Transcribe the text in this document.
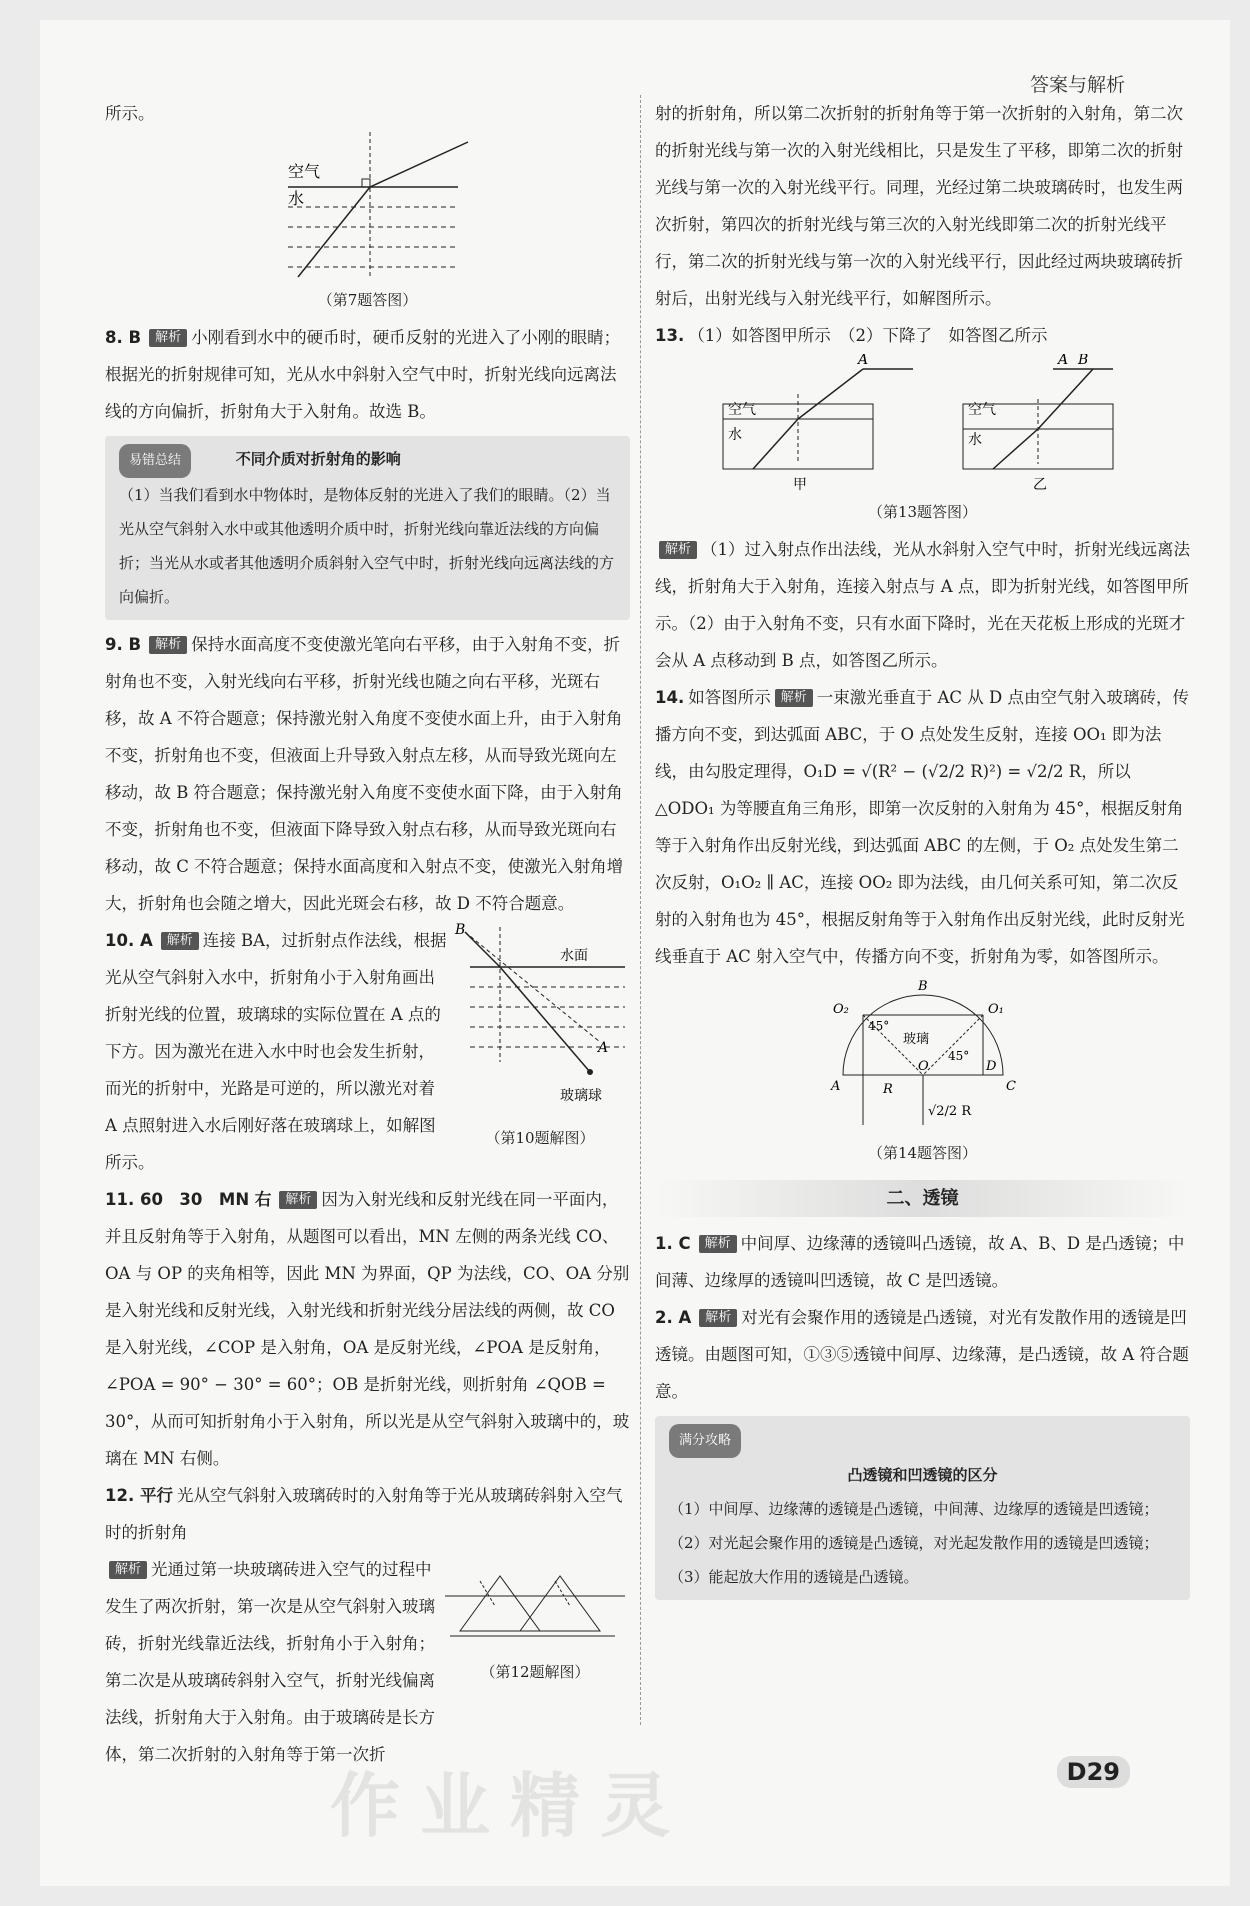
答案与解析

所示。

空气
水

（第7题答图）

8. B 解析 小刚看到水中的硬币时，硬币反射的光进入了小刚的眼睛；根据光的折射规律可知，光从水中斜射入空气中时，折射光线向远离法线的方向偏折，折射角大于入射角。故选 B。

易错总结	不同介质对折射角的影响
（1）当我们看到水中物体时，是物体反射的光进入了我们的眼睛。（2）当光从空气斜射入水中或其他透明介质中时，折射光线向靠近法线的方向偏折；当光从水或者其他透明介质斜射入空气中时，折射光线向远离法线的方向偏折。

9. B 解析 保持水面高度不变使激光笔向右平移，由于入射角不变，折射角也不变，入射光线向右平移，折射光线也随之向右平移，光斑右移，故 A 不符合题意；保持激光射入角度不变使水面上升，由于入射角不变，折射角也不变，但液面上升导致入射点左移，从而导致光斑向左移动，故 B 符合题意；保持激光射入角度不变使水面下降，由于入射角不变，折射角也不变，但液面下降导致入射点右移，从而导致光斑向右移动，故 C 不符合题意；保持水面高度和入射点不变，使激光入射角增大，折射角也会随之增大，因此光斑会右移，故 D 不符合题意。

10. A 解析 连接 BA，过折射点作法线，根据光从空气斜射入水中，折射角小于入射角画出折射光线的位置，玻璃球的实际位置在 A 点的下方。因为激光在进入水中时也会发生折射，而光的折射中，光路是可逆的，所以激光对着 A 点照射进入水后刚好落在玻璃球上，如解图所示。

B
水面
A
玻璃球

（第10题解图）

11. 60　30　MN 右 解析 因为入射光线和反射光线在同一平面内，并且反射角等于入射角，从题图可以看出，MN 左侧的两条光线 CO、OA 与 OP 的夹角相等，因此 MN 为界面，QP 为法线，CO、OA 分别是入射光线和反射光线，入射光线和折射光线分居法线的两侧，故 CO 是入射光线，∠COP 是入射角，OA 是反射光线，∠POA 是反射角，∠POA = 90° − 30° = 60°；OB 是折射光线，则折射角 ∠QOB = 30°，从而可知折射角小于入射角，所以光是从空气斜射入玻璃中的，玻璃在 MN 右侧。

12. 平行 光从空气斜射入玻璃砖时的入射角等于光从玻璃砖斜射入空气时的折射角

解析 光通过第一块玻璃砖进入空气的过程中发生了两次折射，第一次是从空气斜射入玻璃砖，折射光线靠近法线，折射角小于入射角；第二次是从玻璃砖斜射入空气，折射光线偏离法线，折射角大于入射角。由于玻璃砖是长方体，第二次折射的入射角等于第一次折

（第12题解图）

射的折射角，所以第二次折射的折射角等于第一次折射的入射角，第二次的折射光线与第一次的入射光线相比，只是发生了平移，即第二次的折射光线与第一次的入射光线平行。同理，光经过第二块玻璃砖时，也发生两次折射，第四次的折射光线与第三次的入射光线即第二次的折射光线平行，第二次的折射光线与第一次的入射光线平行，因此经过两块玻璃砖折射后，出射光线与入射光线平行，如解图所示。

13. （1）如答图甲所示　（2）下降了　如答图乙所示

A
空气
水
甲
A B
空气
水
乙

（第13题答图）

解析 （1）过入射点作出法线，光从水斜射入空气中时，折射光线远离法线，折射角大于入射角，连接入射点与 A 点，即为折射光线，如答图甲所示。（2）由于入射角不变，只有水面下降时，光在天花板上形成的光斑才会从 A 点移动到 B 点，如答图乙所示。

14. 如答图所示 解析 一束激光垂直于 AC 从 D 点由空气射入玻璃砖，传播方向不变，到达弧面 ABC，于 O 点处发生反射，连接 OO₁ 即为法线，由勾股定理得，O₁D = √(R² − (√2/2 R)²) = √2/2 R，所以 △ODO₁ 为等腰直角三角形，即第一次反射的入射角为 45°，根据反射角等于入射角作出反射光线，到达弧面 ABC 的左侧，于 O₂ 点处发生第二次反射，O₁O₂ ∥ AC，连接 OO₂ 即为法线，由几何关系可知，第二次反射的入射角也为 45°，根据反射角等于入射角作出反射光线，此时反射光线垂直于 AC 射入空气中，传播方向不变，折射角为零，如答图所示。

B
O₁
O₂
O
玻璃
45°
45°
D
A	C
R
√2/2 R

（第14题答图）

二、透镜

1. C 解析 中间厚、边缘薄的透镜叫凸透镜，故 A、B、D 是凸透镜；中间薄、边缘厚的透镜叫凹透镜，故 C 是凹透镜。

2. A 解析 对光有会聚作用的透镜是凸透镜，对光有发散作用的透镜是凹透镜。由题图可知，①③⑤透镜中间厚、边缘薄，是凸透镜，故 A 符合题意。

满分攻略
凸透镜和凹透镜的区分
（1）中间厚、边缘薄的透镜是凸透镜，中间薄、边缘厚的透镜是凹透镜；
（2）对光起会聚作用的透镜是凸透镜，对光起发散作用的透镜是凹透镜；
（3）能起放大作用的透镜是凸透镜。
作业精灵	D29
